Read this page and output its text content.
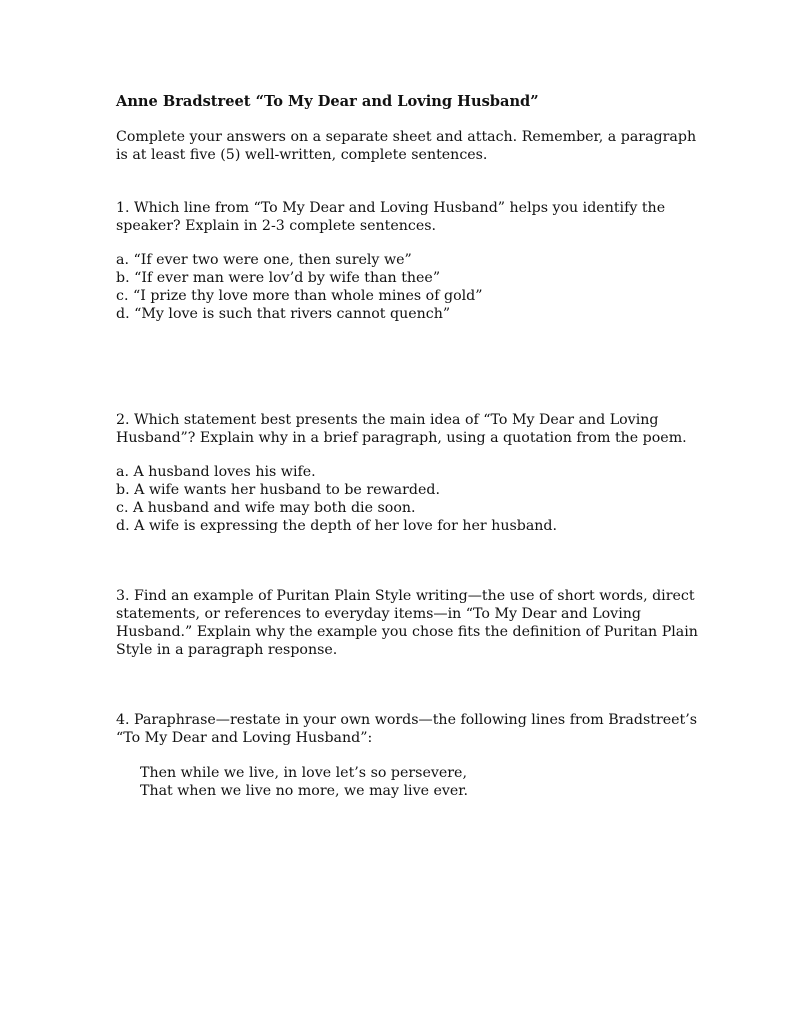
Anne Bradstreet “To My Dear and Loving Husband”

Complete your answers on a separate sheet and attach. Remember, a paragraph

is at least five (5) well-written, complete sentences.

1. Which line from “To My Dear and Loving Husband” helps you identify the

speaker? Explain in 2-3 complete sentences.

a. “If ever two were one, then surely we”

b. “If ever man were lov’d by wife than thee”

c. “I prize thy love more than whole mines of gold”

d. “My love is such that rivers cannot quench”

2. Which statement best presents the main idea of “To My Dear and Loving

Husband”? Explain why in a brief paragraph, using a quotation from the poem.

a. A husband loves his wife.

b. A wife wants her husband to be rewarded.

c. A husband and wife may both die soon.

d. A wife is expressing the depth of her love for her husband.

3. Find an example of Puritan Plain Style writing—the use of short words, direct

statements, or references to everyday items—in “To My Dear and Loving

Husband.” Explain why the example you chose fits the definition of Puritan Plain

Style in a paragraph response.

4. Paraphrase—restate in your own words—the following lines from Bradstreet’s

“To My Dear and Loving Husband”:

Then while we live, in love let’s so persevere,

That when we live no more, we may live ever.
